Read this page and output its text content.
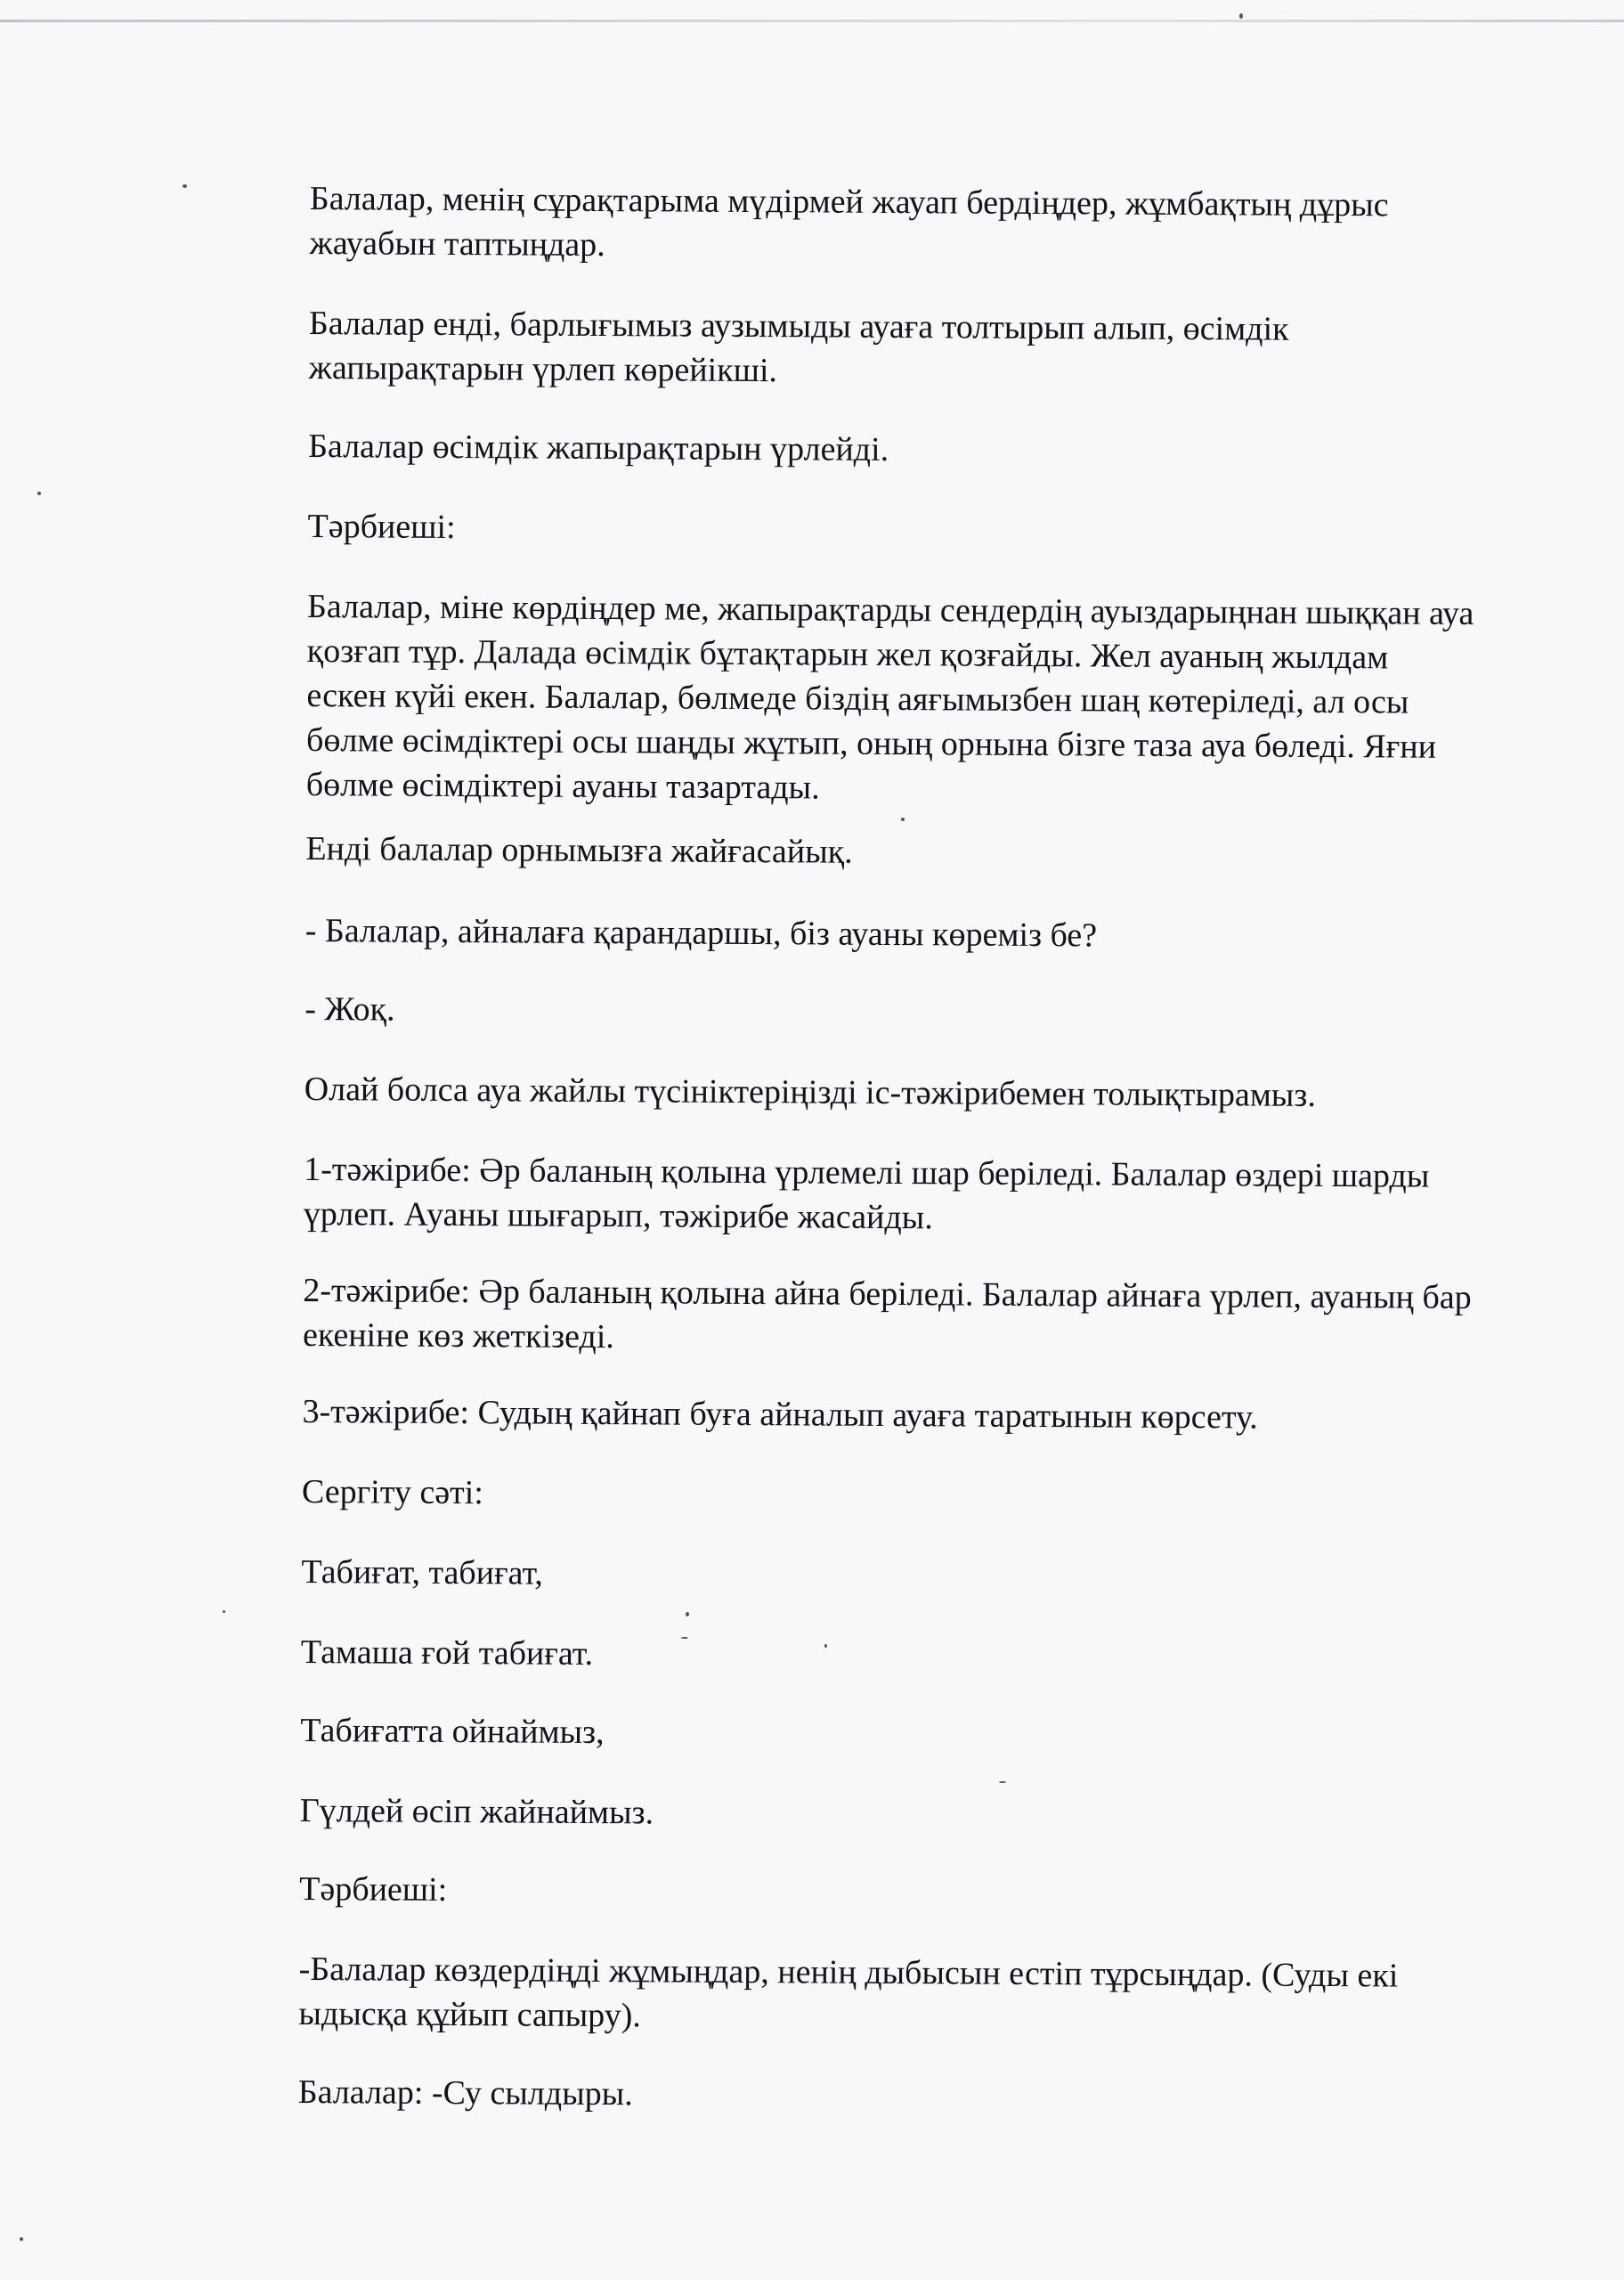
Балалар, менің сұрақтарыма мүдірмей жауап бердіңдер, жұмбақтың дұрыс
жауабын таптыңдар.

Балалар енді, барлығымыз аузымыды ауаға толтырып алып, өсімдік
жапырақтарын үрлеп көрейікші.

Балалар өсімдік жапырақтарын үрлейді.

Тәрбиеші:

Балалар, міне көрдіңдер ме, жапырақтарды сендердің ауыздарыңнан шыққан ауа
қозғап тұр. Далада өсімдік бұтақтарын жел қозғайды. Жел ауаның жылдам
ескен күйі екен. Балалар, бөлмеде біздің аяғымызбен шаң көтеріледі, ал осы
бөлме өсімдіктері осы шаңды жұтып, оның орнына бізге таза ауа бөледі. Яғни
бөлме өсімдіктері ауаны тазартады.

Енді балалар орнымызға жайғасайық.

- Балалар, айналаға қарандаршы, біз ауаны көреміз бе?

- Жоқ.

Олай болса ауа жайлы түсініктеріңізді іс-тәжірибемен толықтырамыз.

1-тәжірибе: Әр баланың қолына үрлемелі шар беріледі. Балалар өздері шарды
үрлеп. Ауаны шығарып, тәжірибе жасайды.

2-тәжірибе: Әр баланың қолына айна беріледі. Балалар айнаға үрлеп, ауаның бар
екеніне көз жеткізеді.

3-тәжірибе: Судың қайнап буға айналып ауаға таратынын көрсету.

Сергіту сәті:

Табиғат, табиғат,

Тамаша ғой табиғат.

Табиғатта ойнаймыз,

Гүлдей өсіп жайнаймыз.

Тәрбиеші:

-Балалар көздердіңді жұмыңдар, ненің дыбысын естіп тұрсыңдар. (Суды екі
ыдысқа құйып сапыру).

Балалар: -Су сылдыры.
